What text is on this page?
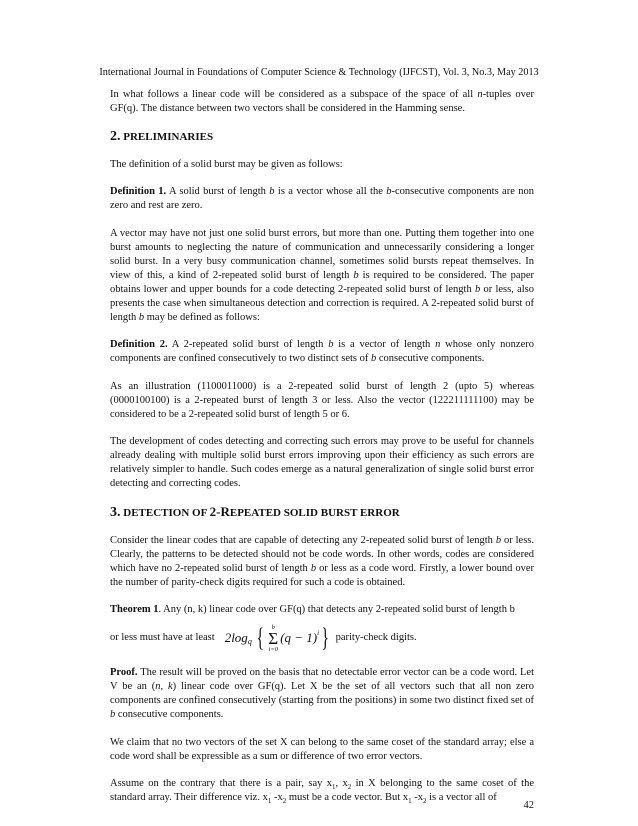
International Journal in Foundations of Computer Science & Technology (IJFCST), Vol. 3, No.3, May 2013

In what follows a linear code will be considered as a subspace of the space of all n-tuples over GF(q). The distance between two vectors shall be considered in the Hamming sense.

2. PRELIMINARIES

The definition of a solid burst may be given as follows:

Definition 1. A solid burst of length b is a vector whose all the b-consecutive components are non zero and rest are zero.

A vector may have not just one solid burst errors, but more than one. Putting them together into one burst amounts to neglecting the nature of communication and unnecessarily considering a longer solid burst. In a very busy communication channel, sometimes solid bursts repeat themselves. In view of this, a kind of 2-repeated solid burst of length b is required to be considered. The paper obtains lower and upper bounds for a code detecting 2-repeated solid burst of length b or less, also presents the case when simultaneous detection and correction is required. A 2-repeated solid burst of length b may be defined as follows:

Definition 2. A 2-repeated solid burst of length b is a vector of length n whose only nonzero components are confined consecutively to two distinct sets of b consecutive components.

As an illustration (1100011000) is a 2-repeated solid burst of length 2 (upto 5) whereas (0000100100) is a 2-repeated burst of length 3 or less. Also the vector (122211111100) may be considered to be a 2-repeated solid burst of length 5 or 6.

The development of codes detecting and correcting such errors may prove to be useful for channels already dealing with multiple solid burst errors improving upon their efficiency as such errors are relatively simpler to handle. Such codes emerge as a natural generalization of single solid burst error detecting and correcting codes.

3. DETECTION OF 2-REPEATED SOLID BURST ERROR

Consider the linear codes that are capable of detecting any 2-repeated solid burst of length b or less. Clearly, the patterns to be detected should not be code words. In other words, codes are considered which have no 2-repeated solid burst of length b or less as a code word. Firstly, a lower bound over the number of parity-check digits required for such a code is obtained.

Theorem 1. Any (n, k) linear code over GF(q) that detects any 2-repeated solid burst of length b

or less must have at least 2 log q { b
Σ
i=0
(q − 1) i } parity-check digits.

Proof. The result will be proved on the basis that no detectable error vector can be a code word. Let V be an (n, k) linear code over GF(q). Let X be the set of all vectors such that all non zero components are confined consecutively (starting from the positions) in some two distinct fixed set of b consecutive components.

We claim that no two vectors of the set X can belong to the same coset of the standard array; else a code word shall be expressible as a sum or difference of two error vectors.

Assume on the contrary that there is a pair, say $x_1$, $x_2$ in X belonging to the same coset of the standard array. Their difference viz. $x_1$ $-x_2$ must be a code vector. But $x_1$ $-x_2$ is a vector all of

42
